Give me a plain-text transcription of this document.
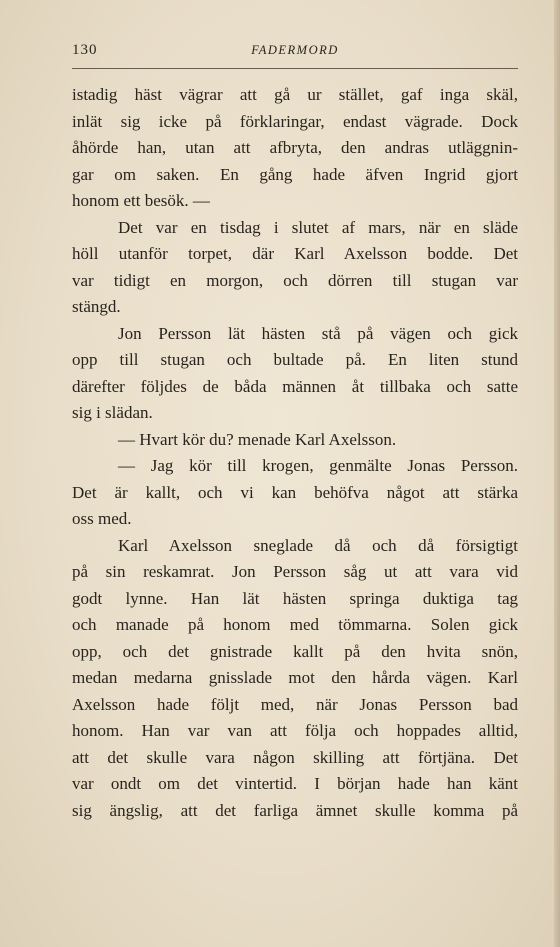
130	FADERMORD
istadig häst vägrar att gå ur stället, gaf inga skäl,
inlät sig icke på förklaringar, endast vägrade. Dock
åhörde han, utan att afbryta, den andras utläggnin-
gar om saken. En gång hade äfven Ingrid gjort
honom ett besök. —
Det var en tisdag i slutet af mars, när en släde
höll utanför torpet, där Karl Axelsson bodde. Det
var tidigt en morgon, och dörren till stugan var
stängd.
Jon Persson lät hästen stå på vägen och gick
opp till stugan och bultade på. En liten stund
därefter följdes de båda männen åt tillbaka och satte
sig i slädan.
— Hvart kör du? menade Karl Axelsson.
— Jag kör till krogen, genmälte Jonas Persson.
Det är kallt, och vi kan behöfva något att stärka
oss med.
Karl Axelsson sneglade då och då försigtigt
på sin reskamrat. Jon Persson såg ut att vara vid
godt lynne. Han lät hästen springa duktiga tag
och manade på honom med tömmarna. Solen gick
opp, och det gnistrade kallt på den hvita snön,
medan medarna gnisslade mot den hårda vägen. Karl
Axelsson hade följt med, när Jonas Persson bad
honom. Han var van att följa och hoppades alltid,
att det skulle vara någon skilling att förtjäna. Det
var ondt om det vintertid. I början hade han känt
sig ängslig, att det farliga ämnet skulle komma på
